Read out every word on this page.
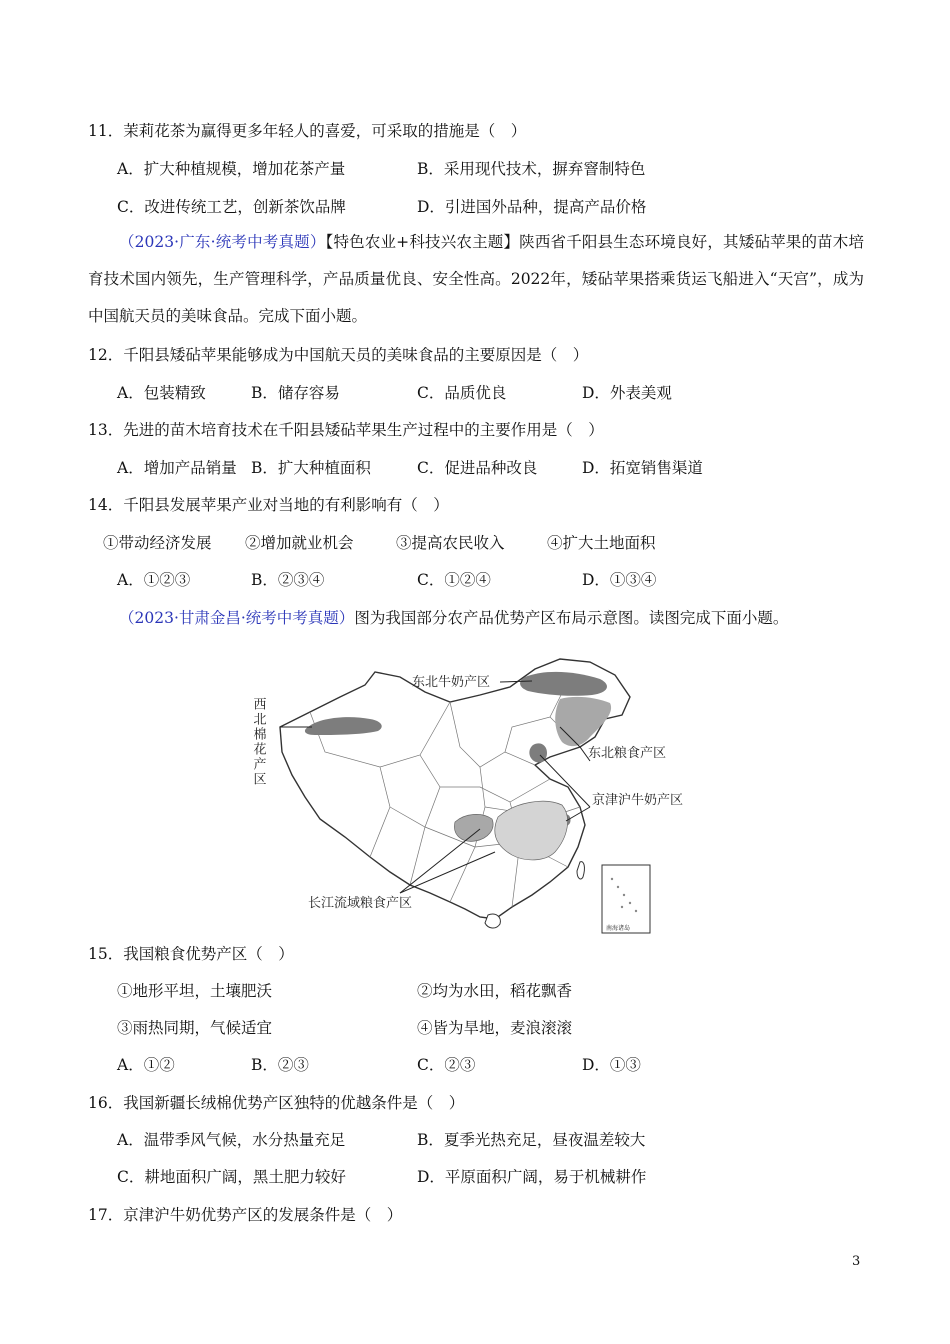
11．茉莉花茶为赢得更多年轻人的喜爱，可采取的措施是（　）
A．扩大种植规模，增加花茶产量	B．采用现代技术，摒弃窨制特色
C．改进传统工艺，创新茶饮品牌	D．引进国外品种，提高产品价格
（2023·广东·统考中考真题）【特色农业+科技兴农主题】陕西省千阳县生态环境良好，其矮砧苹果的苗木培育技术国内领先，生产管理科学，产品质量优良、安全性高。2022年，矮砧苹果搭乘货运飞船进入“天宫”，成为中国航天员的美味食品。完成下面小题。
12．千阳县矮砧苹果能够成为中国航天员的美味食品的主要原因是（　）
A．包装精致	B．储存容易	C．品质优良	D．外表美观
13．先进的苗木培育技术在千阳县矮砧苹果生产过程中的主要作用是（　）
A．增加产品销量 B．扩大种植面积	C．促进品种改良	D．拓宽销售渠道
14．千阳县发展苹果产业对当地的有利影响有（　）
①带动经济发展 ②增加就业机会	③提高农民收入	④扩大土地面积
A．①②③	B．②③④	C．①②④	D．①③④
（2023·甘肃金昌·统考中考真题）图为我国部分农产品优势产区布局示意图。读图完成下面小题。
南海诸岛
东北牛奶产区
西北棉花产区	东北粮食产区
京津沪牛奶产区
长江流域粮食产区
15．我国粮食优势产区（　）
①地形平坦，土壤肥沃	②均为水田，稻花飘香
③雨热同期，气候适宜	④皆为旱地，麦浪滚滚
A．①②	B．②③	C．②③	D．①③
16．我国新疆长绒棉优势产区独特的优越条件是（　）
A．温带季风气候，水分热量充足	B．夏季光热充足，昼夜温差较大
C．耕地面积广阔，黑土肥力较好	D．平原面积广阔，易于机械耕作
17．京津沪牛奶优势产区的发展条件是（　）
3
